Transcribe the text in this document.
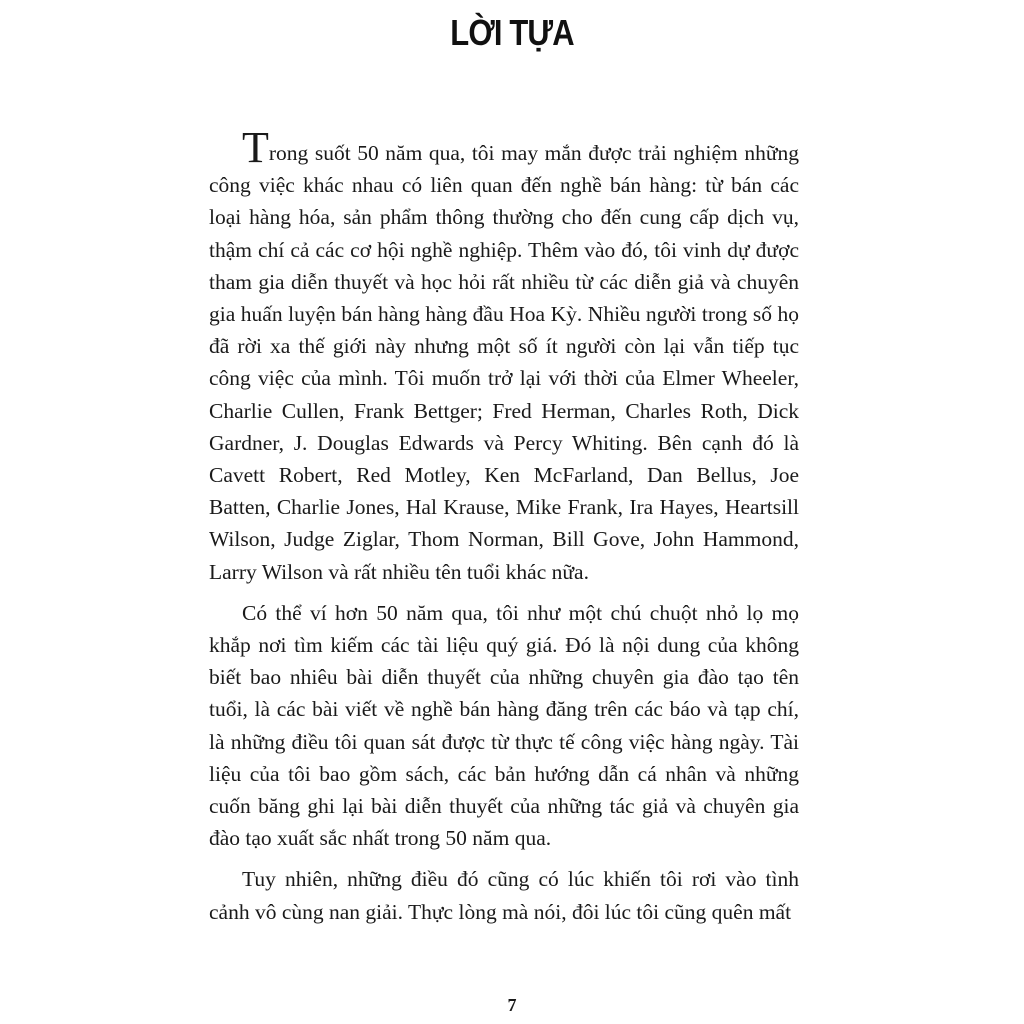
LỜI TỰA

Trong suốt 50 năm qua, tôi may mắn được trải nghiệm những công việc khác nhau có liên quan đến nghề bán hàng: từ bán các loại hàng hóa, sản phẩm thông thường cho đến cung cấp dịch vụ, thậm chí cả các cơ hội nghề nghiệp. Thêm vào đó, tôi vinh dự được tham gia diễn thuyết và học hỏi rất nhiều từ các diễn giả và chuyên gia huấn luyện bán hàng hàng đầu Hoa Kỳ. Nhiều người trong số họ đã rời xa thế giới này nhưng một số ít người còn lại vẫn tiếp tục công việc của mình. Tôi muốn trở lại với thời của Elmer Wheeler, Charlie Cullen, Frank Bettger; Fred Herman, Charles Roth, Dick Gardner, J. Douglas Edwards và Percy Whiting. Bên cạnh đó là Cavett Robert, Red Motley, Ken McFarland, Dan Bellus, Joe Batten, Charlie Jones, Hal Krause, Mike Frank, Ira Hayes, Heartsill Wilson, Judge Ziglar, Thom Norman, Bill Gove, John Hammond, Larry Wilson và rất nhiều tên tuổi khác nữa.

Có thể ví hơn 50 năm qua, tôi như một chú chuột nhỏ lọ mọ khắp nơi tìm kiếm các tài liệu quý giá. Đó là nội dung của không biết bao nhiêu bài diễn thuyết của những chuyên gia đào tạo tên tuổi, là các bài viết về nghề bán hàng đăng trên các báo và tạp chí, là những điều tôi quan sát được từ thực tế công việc hàng ngày. Tài liệu của tôi bao gồm sách, các bản hướng dẫn cá nhân và những cuốn băng ghi lại bài diễn thuyết của những tác giả và chuyên gia đào tạo xuất sắc nhất trong 50 năm qua.

Tuy nhiên, những điều đó cũng có lúc khiến tôi rơi vào tình cảnh vô cùng nan giải. Thực lòng mà nói, đôi lúc tôi cũng quên mất

7
